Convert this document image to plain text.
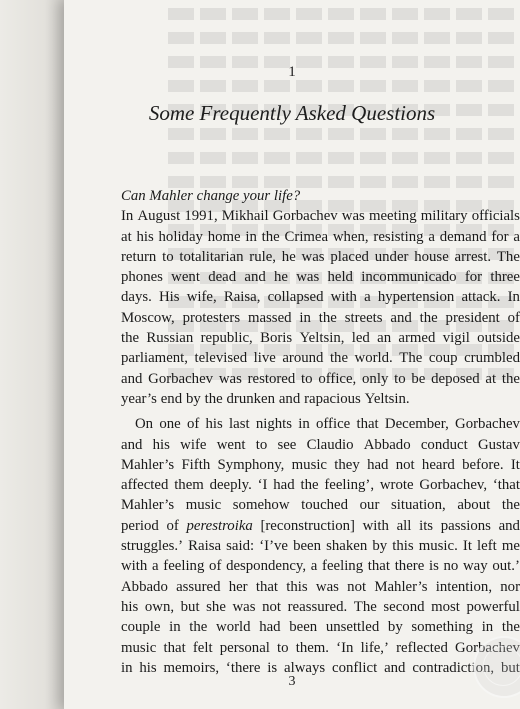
1
Some Frequently Asked Questions
Can Mahler change your life?
In August 1991, Mikhail Gorbachev was meeting military officials
at his holiday home in the Crimea when, resisting a demand for a
return to totalitarian rule, he was placed under house arrest. The
phones went dead and he was held incommunicado for three
days. His wife, Raisa, collapsed with a hypertension attack. In
Moscow, protesters massed in the streets and the president of
the Russian republic, Boris Yeltsin, led an armed vigil outside
parliament, televised live around the world. The coup crumbled
and Gorbachev was restored to office, only to be deposed at the
year’s end by the drunken and rapacious Yeltsin.
On one of his last nights in office that December, Gorbachev
and his wife went to see Claudio Abbado conduct Gustav
Mahler’s Fifth Symphony, music they had not heard before. It
affected them deeply. ‘I had the feeling’, wrote Gorbachev, ‘that
Mahler’s music somehow touched our situation, about the
period of perestroika [reconstruction] with all its passions and
struggles.’ Raisa said: ‘I’ve been shaken by this music. It left me
with a feeling of despondency, a feeling that there is no way out.’
Abbado assured her that this was not Mahler’s intention, nor
his own, but she was not reassured. The second most powerful
couple in the world had been unsettled by something in the
music that felt personal to them. ‘In life,’ reflected Gorbachev
in his memoirs, ‘there is always conflict and contradiction, but
3
